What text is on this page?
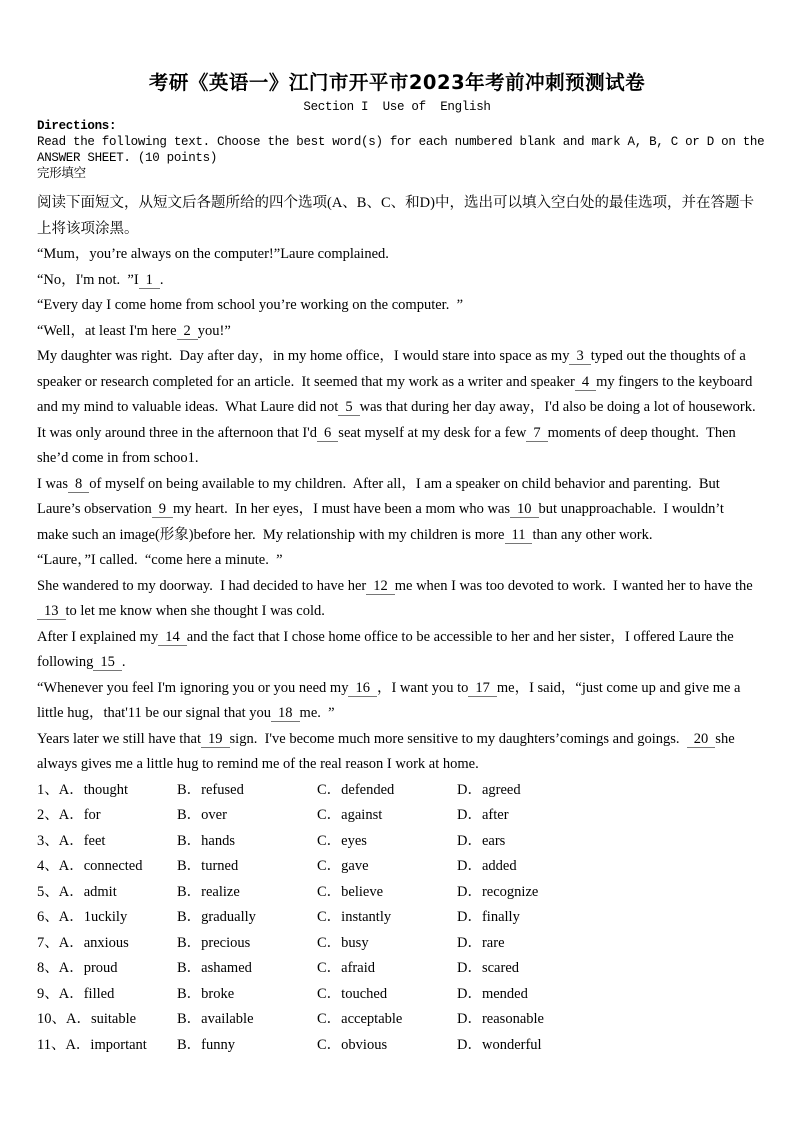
考研《英语一》江门市开平市2023年考前冲刺预测试卷
Section I  Use of  English
Directions:
Read the following text. Choose the best word(s) for each numbered blank and mark A, B, C or D on the
ANSWER SHEET. (10 points)
完形填空

阅读下面短文，从短文后各题所给的四个选项(A、B、C、和D)中，选出可以填入空白处的最佳选项，并在答题卡上将该项涂黑。

“Mum，you’re always on the computer!”Laure complained.

“No，I'm not.  ”I 1 .

“Every day I come home from school you’re working on the computer.  ”

“Well，at least I'm here 2 you!”

My daughter was right.  Day after day，in my home office，I would stare into space as my 3 typed out the thoughts of a speaker or research completed for an article.  It seemed that my work as a writer and speaker 4 my fingers to the keyboard and my mind to valuable ideas.  What Laure did not 5 was that during her day away，I'd also be doing a lot of housework.  It was only around three in the afternoon that I'd 6 seat myself at my desk for a few 7 moments of deep thought.  Then she’d come in from schoo1.

I was 8 of myself on being available to my children.  After all，I am a speaker on child behavior and parenting.  But Laure’s observation 9 my heart.  In her eyes，I must have been a mom who was 10 but unapproachable.  I wouldn’t make such an image(形象)before her.  My relationship with my children is more 11 than any other work.

“Laure，”I called.  “come here a minute.  ”

She wandered to my doorway.  I had decided to have her 12 me when I was too devoted to work.  I wanted her to have the13 to let me know when she thought I was cold.

After I explained my 14 and the fact that I chose home office to be accessible to her and her sister，I offered Laure the following 15 .

“Whenever you feel I'm ignoring you or you need my 16 ，I want you to 17 me，I said，“just come up and give me a little hug，that'11 be our signal that you 18 me.  ”

Years later we still have that 19 sign.  I've become much more sensitive to my daughters’comings and goings.  20 she always gives me a little hug to remind me of the real reason I work at home.

1、A．thought	B．refused	C．defended	D．agreed
2、A．for	B．over	C．against	D．after
3、A．feet	B．hands	C．eyes	D．ears
4、A．connected	B．turned	C．gave	D．added
5、A．admit	B．realize	C．believe	D．recognize
6、A．1uckily	B．gradually	C．instantly	D．finally
7、A．anxious	B．precious	C．busy	D．rare
8、A．proud	B．ashamed	C．afraid	D．scared
9、A．filled	B．broke	C．touched	D．mended
10、A．suitable	B．available	C．acceptable	D．reasonable
11、A．important	B．funny	C．obvious	D．wonderful
